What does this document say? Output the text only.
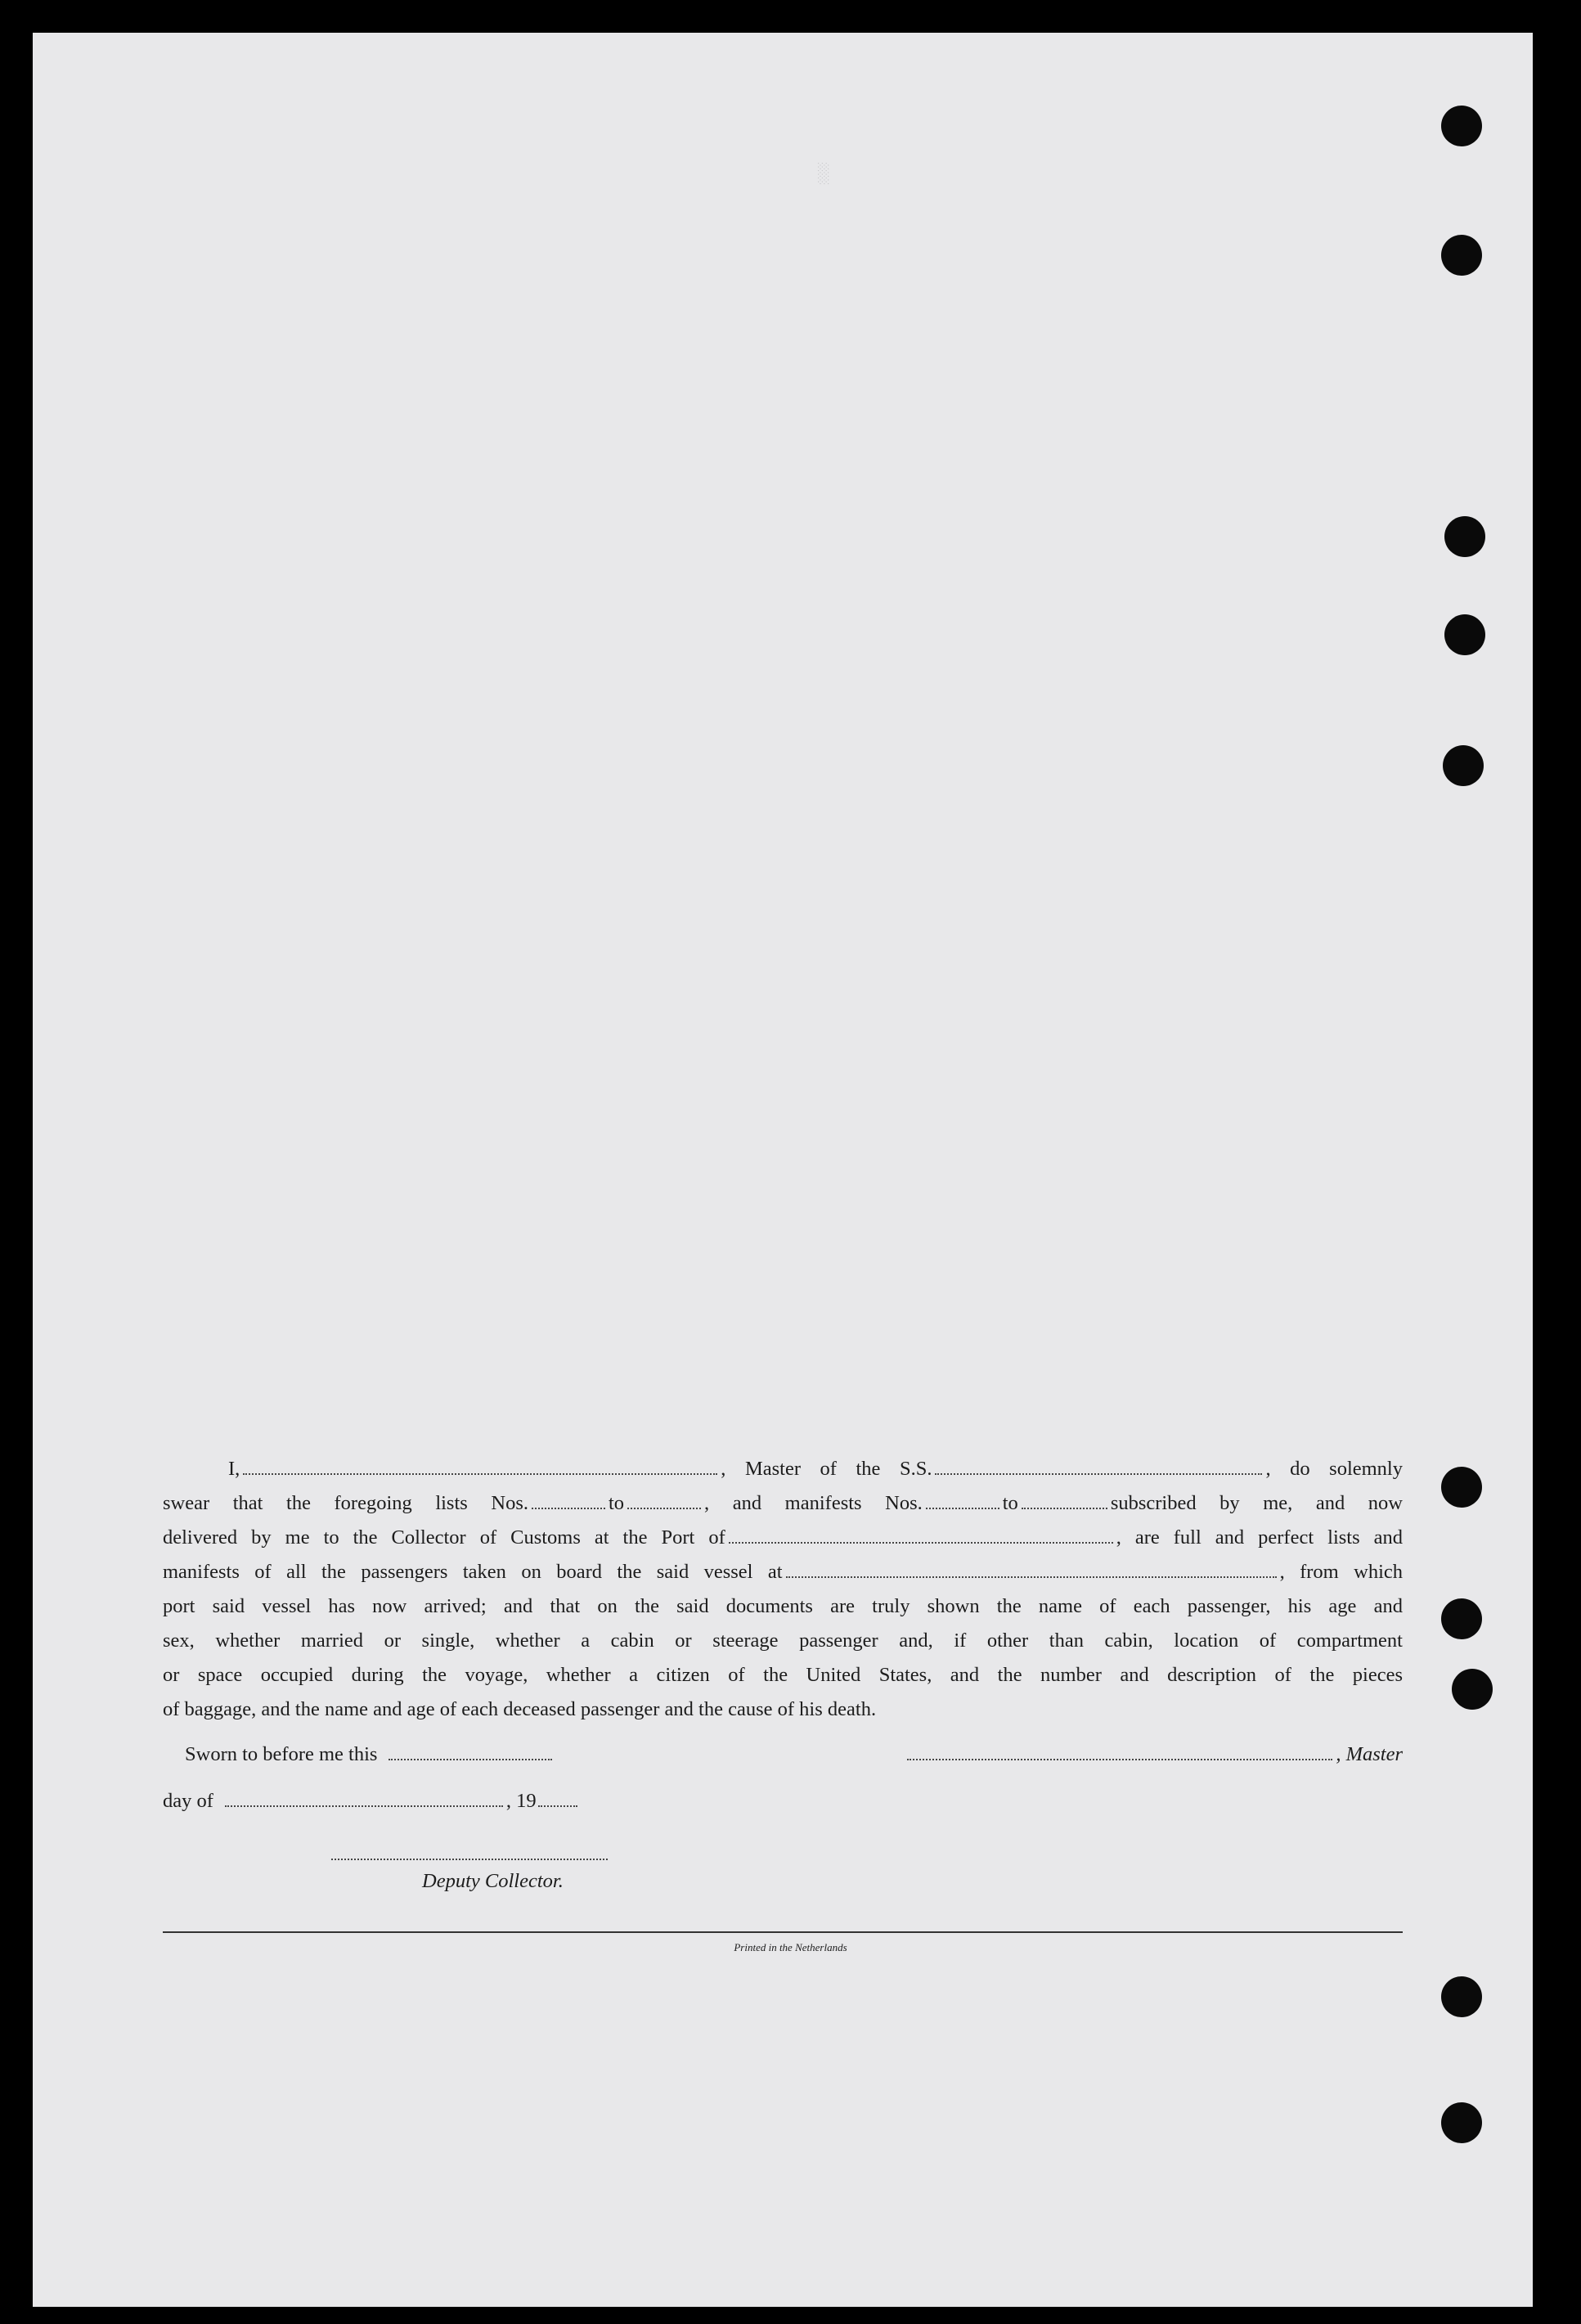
░
I,	, Master of the S.S.	, do solemnly
swear that the foregoing lists Nos.	to	, and manifests Nos.	to	subscribed by me, and now
delivered by me to the Collector of Customs at the Port of	, are full and perfect lists and
manifests of all the passengers taken on board the said vessel at	, from which
port said vessel has now arrived; and that on the said documents are truly shown the name of each passenger, his age and
sex, whether married or single, whether a cabin or steerage passenger and, if other than cabin, location of compartment
or space occupied during the voyage, whether a citizen of the United States, and the number and description of the pieces
of baggage, and the name and age of each deceased passenger and the cause of his death.
Sworn to before me this	, Master
day of	, 19
Deputy Collector.
Printed in the Netherlands
